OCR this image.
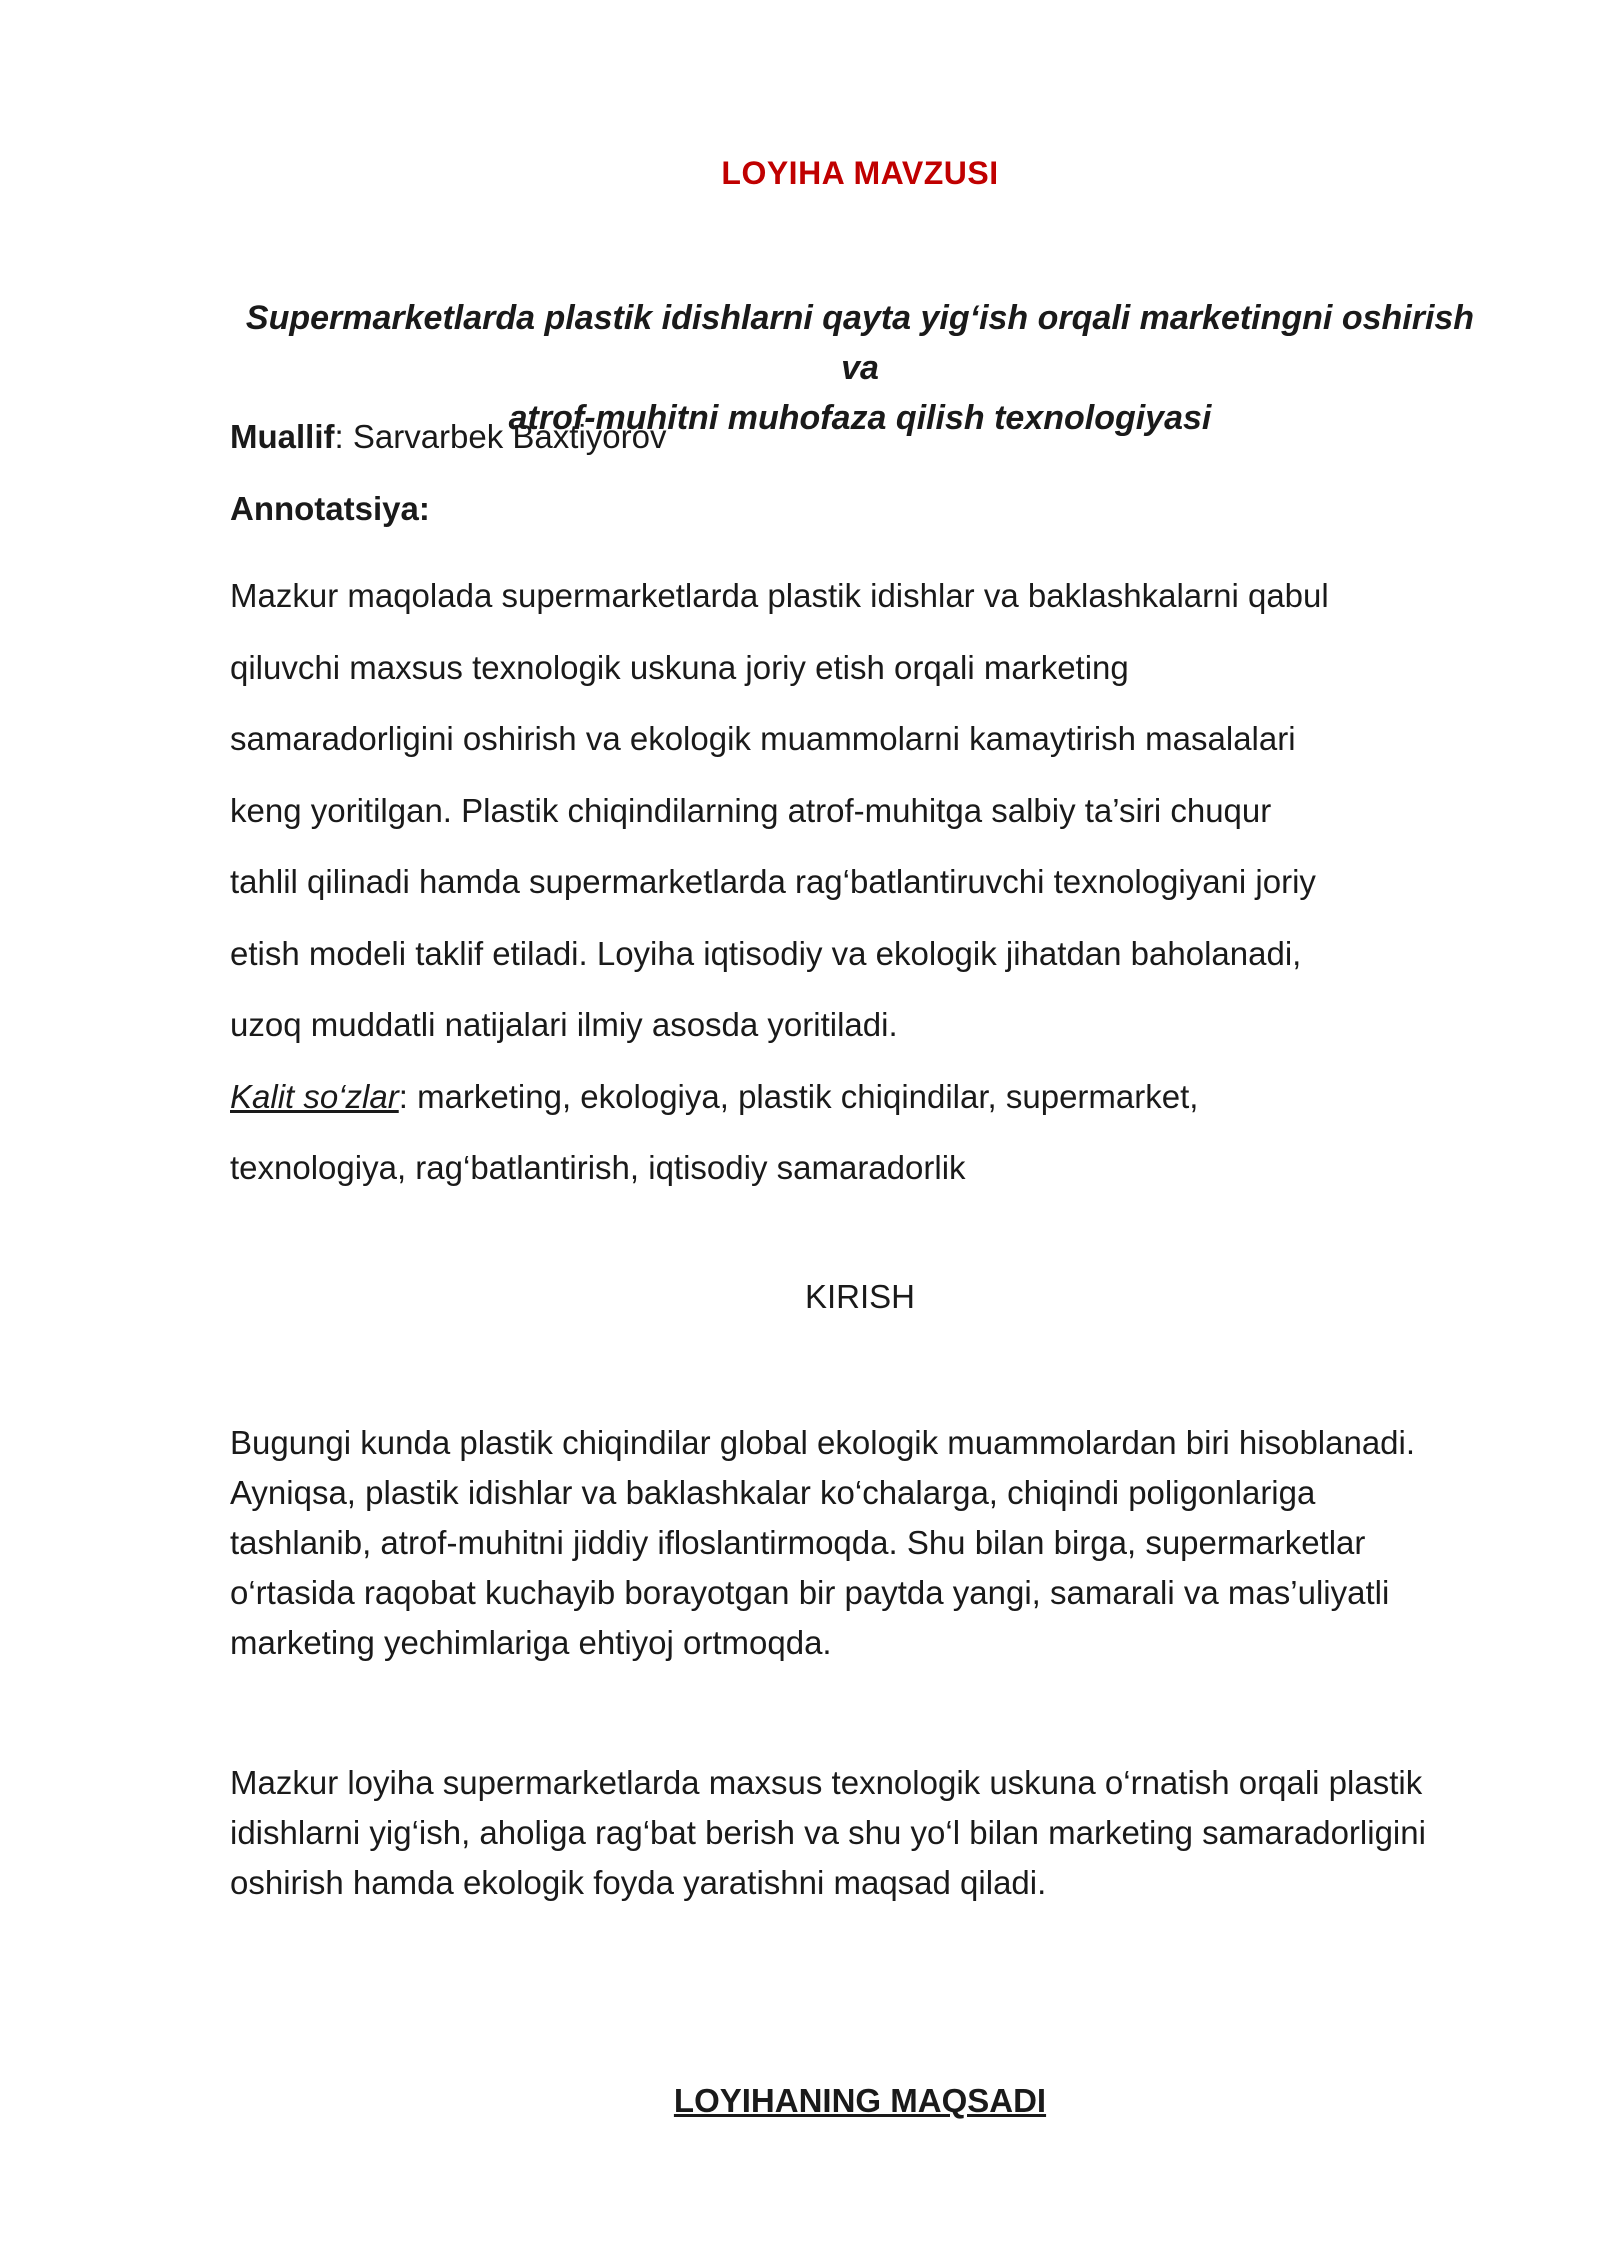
LOYIHA MAVZUSI
Supermarketlarda plastik idishlarni qayta yig‘ish orqali marketingni oshirish va
atrof-muhitni muhofaza qilish texnologiyasi
Muallif: Sarvarbek Baxtiyorov
Annotatsiya:
Mazkur maqolada supermarketlarda plastik idishlar va baklashkalarni qabul
qiluvchi maxsus texnologik uskuna joriy etish orqali marketing
samaradorligini oshirish va ekologik muammolarni kamaytirish masalalari
keng yoritilgan. Plastik chiqindilarning atrof-muhitga salbiy ta’siri chuqur
tahlil qilinadi hamda supermarketlarda rag‘batlantiruvchi texnologiyani joriy
etish modeli taklif etiladi. Loyiha iqtisodiy va ekologik jihatdan baholanadi,
uzoq muddatli natijalari ilmiy asosda yoritiladi.
Kalit so‘zlar: marketing, ekologiya, plastik chiqindilar, supermarket,
texnologiya, rag‘batlantirish, iqtisodiy samaradorlik
KIRISH
Bugungi kunda plastik chiqindilar global ekologik muammolardan biri hisoblanadi.
Ayniqsa, plastik idishlar va baklashkalar ko‘chalarga, chiqindi poligonlariga
tashlanib, atrof-muhitni jiddiy ifloslantirmoqda. Shu bilan birga, supermarketlar
o‘rtasida raqobat kuchayib borayotgan bir paytda yangi, samarali va mas’uliyatli
marketing yechimlariga ehtiyoj ortmoqda.
Mazkur loyiha supermarketlarda maxsus texnologik uskuna o‘rnatish orqali plastik
idishlarni yig‘ish, aholiga rag‘bat berish va shu yo‘l bilan marketing samaradorligini
oshirish hamda ekologik foyda yaratishni maqsad qiladi.
LOYIHANING MAQSADI
